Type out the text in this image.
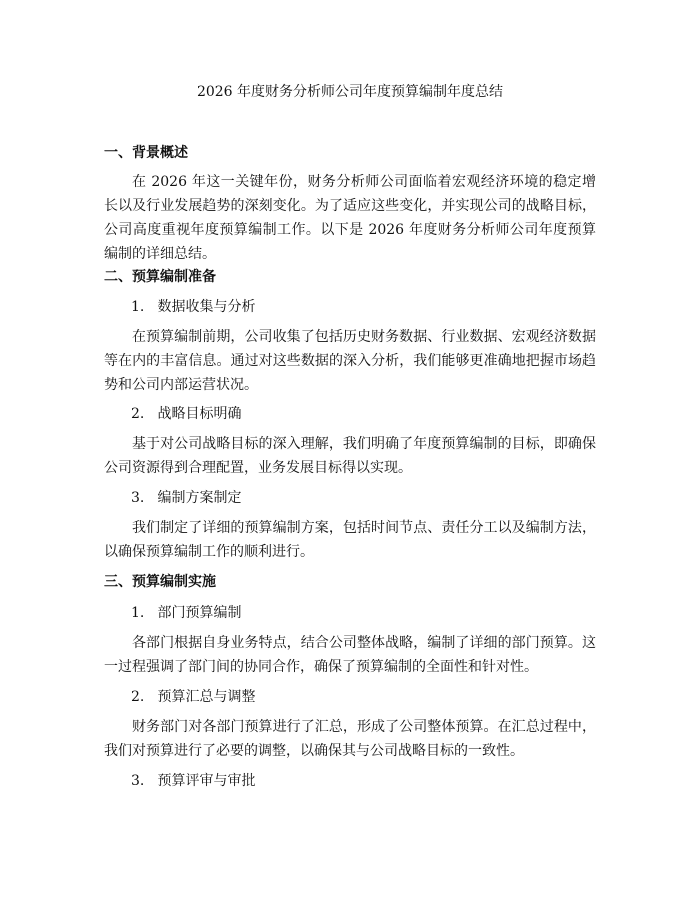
2026 年度财务分析师公司年度预算编制年度总结
一、背景概述

在 2026 年这一关键年份，财务分析师公司面临着宏观经济环境的稳定增长以及行业发展趋势的深刻变化。为了适应这些变化，并实现公司的战略目标，公司高度重视年度预算编制工作。以下是 2026 年度财务分析师公司年度预算编制的详细总结。

二、预算编制准备
1. 数据收集与分析

在预算编制前期，公司收集了包括历史财务数据、行业数据、宏观经济数据等在内的丰富信息。通过对这些数据的深入分析，我们能够更准确地把握市场趋势和公司内部运营状况。

2. 战略目标明确

基于对公司战略目标的深入理解，我们明确了年度预算编制的目标，即确保公司资源得到合理配置，业务发展目标得以实现。

3. 编制方案制定

我们制定了详细的预算编制方案，包括时间节点、责任分工以及编制方法，以确保预算编制工作的顺利进行。

三、预算编制实施
1. 部门预算编制

各部门根据自身业务特点，结合公司整体战略，编制了详细的部门预算。这一过程强调了部门间的协同合作，确保了预算编制的全面性和针对性。

2. 预算汇总与调整

财务部门对各部门预算进行了汇总，形成了公司整体预算。在汇总过程中，我们对预算进行了必要的调整，以确保其与公司战略目标的一致性。

3. 预算评审与审批
